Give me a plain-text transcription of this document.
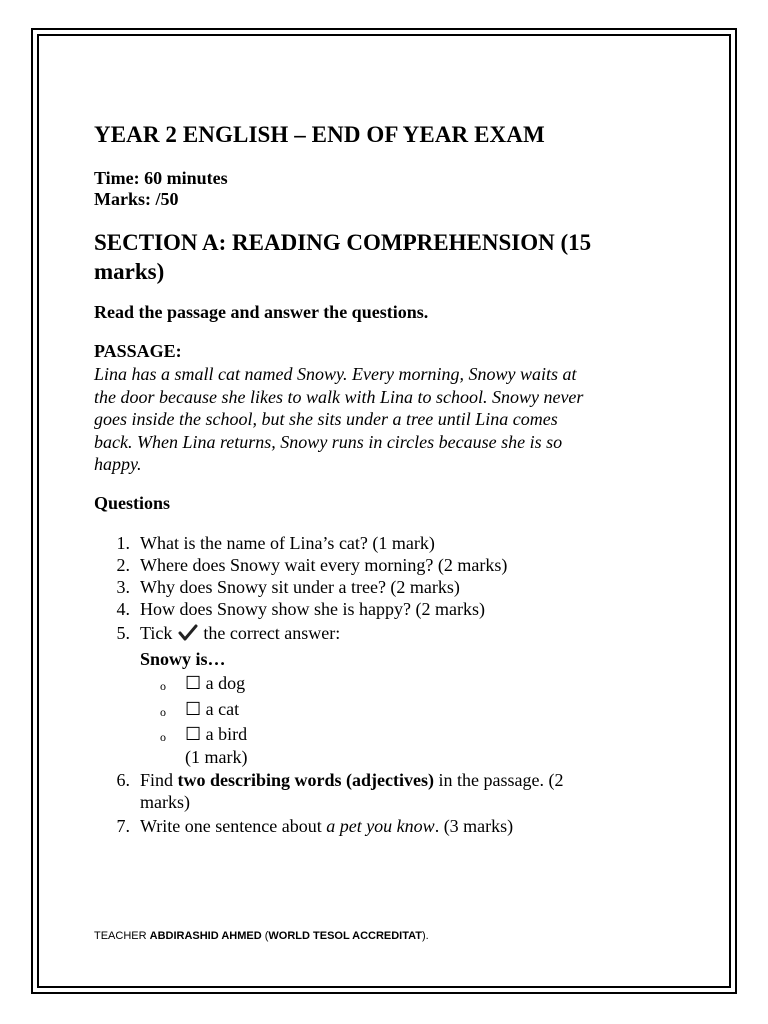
YEAR 2 ENGLISH – END OF YEAR EXAM
Time: 60 minutes
Marks: /50
SECTION A: READING COMPREHENSION (15
marks)
Read the passage and answer the questions.
PASSAGE:
Lina has a small cat named Snowy. Every morning, Snowy waits at
the door because she likes to walk with Lina to school. Snowy never
goes inside the school, but she sits under a tree until Lina comes
back. When Lina returns, Snowy runs in circles because she is so
happy.
Questions
1. What is the name of Lina’s cat? (1 mark)
2. Where does Snowy wait every morning? (2 marks)
3. Why does Snowy sit under a tree? (2 marks)
4. How does Snowy show she is happy? (2 marks)
5. Tick the correct answer:
Snowy is…
o ☐ a dog
o ☐ a cat
o ☐ a bird
(1 mark)
6. Find two describing words (adjectives) in the passage. (2
marks)
7. Write one sentence about a pet you know. (3 marks)
TEACHER ABDIRASHID AHMED (WORLD TESOL ACCREDITAT).
